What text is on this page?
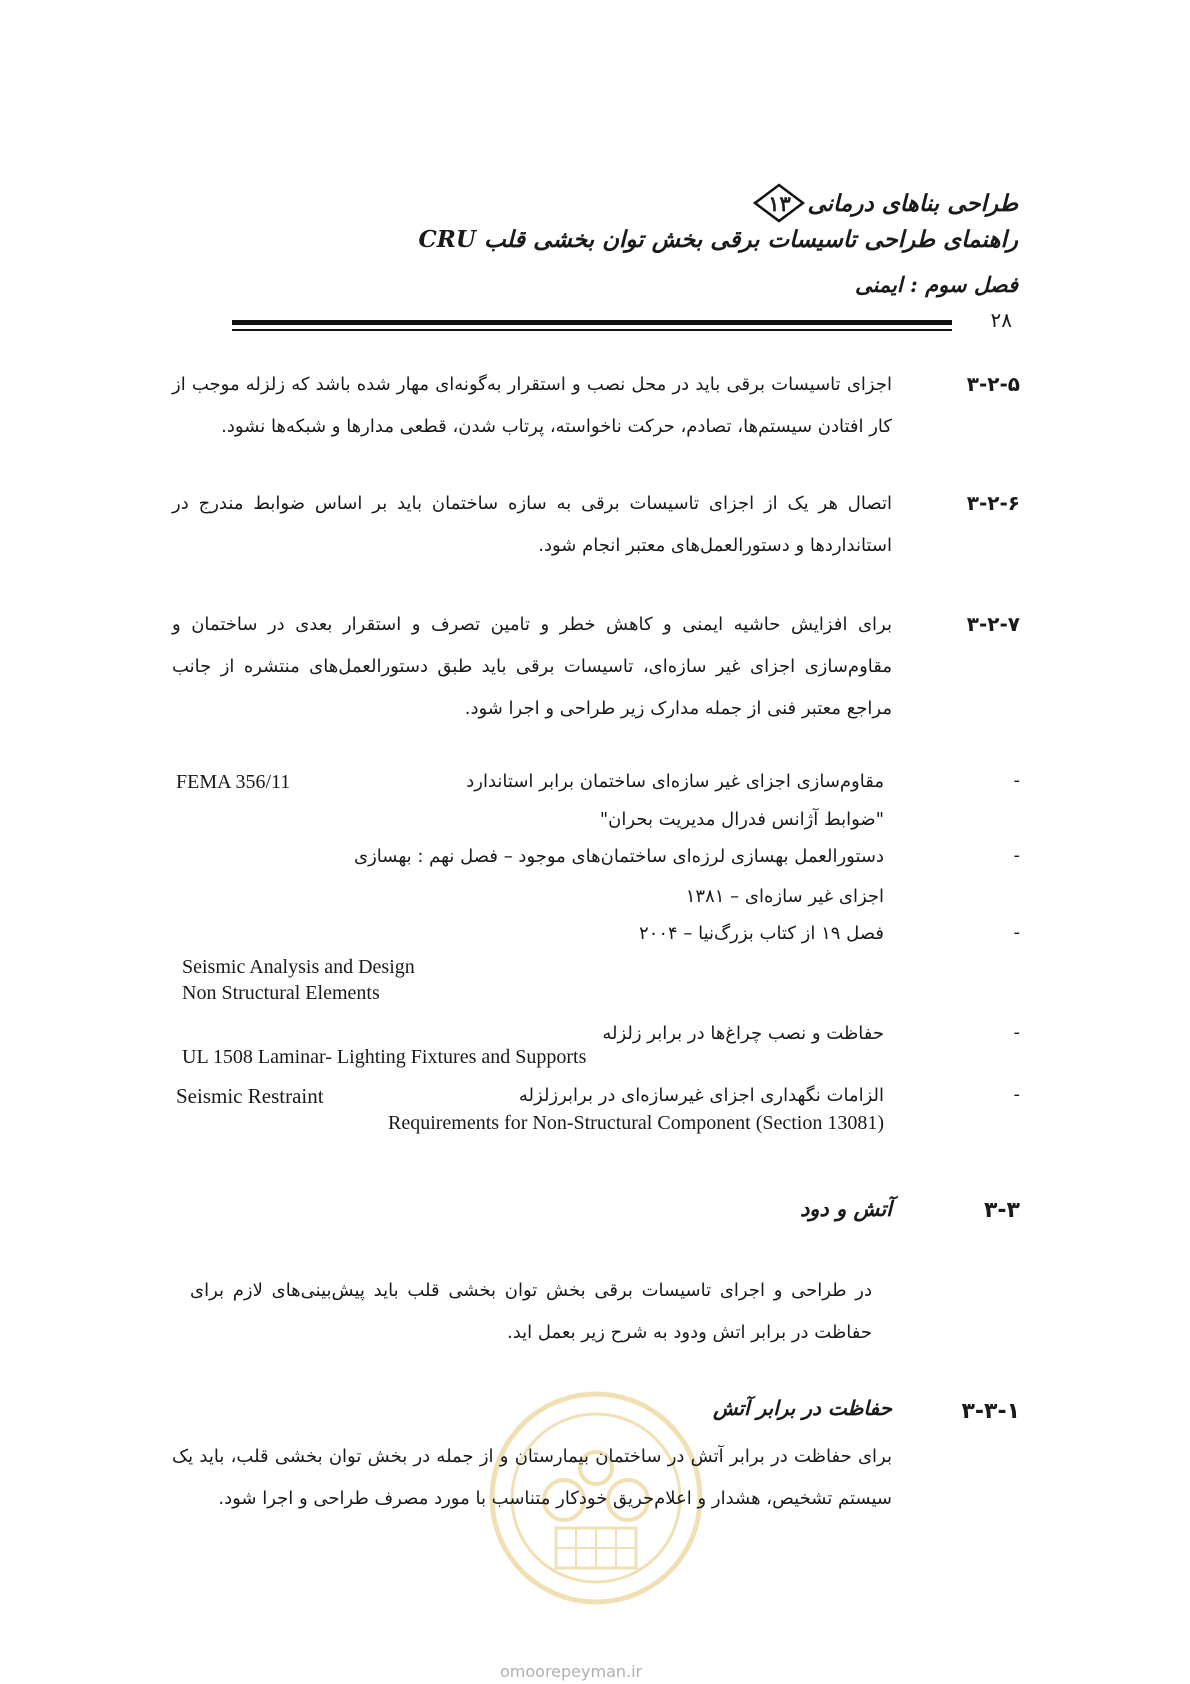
طراحی بناهای درمانی
۱۳
راهنمای طراحی تاسیسات برقی بخش توان بخشی قلب CRU
فصل سوم : ایمنی
۲۸
۳-۲-۵
اجزای تاسیسات برقی باید در محل نصب و استقرار به‌گونه‌ای مهار شده باشد که زلزله موجب از کار افتادن سیستم‌ها، تصادم، حرکت ناخواسته، پرتاب شدن، قطعی مدارها و شبکه‌ها نشود.
۳-۲-۶
اتصال هر یک از اجزای تاسیسات برقی به سازه ساختمان باید بر اساس ضوابط مندرج در استانداردها و دستورالعمل‌های معتبر انجام شود.
۳-۲-۷
برای افزایش حاشیه ایمنی و کاهش خطر و تامین تصرف و استقرار بعدی در ساختمان و مقاوم‌سازی اجزای غیر سازه‌ای، تاسیسات برقی باید طبق دستورالعمل‌های منتشره از جانب مراجع معتبر فنی از جمله مدارک زیر طراحی و اجرا شود.
-
مقاوم‌سازی اجزای غیر سازه‌ای ساختمان برابر استاندارد
FEMA 356/11
"ضوابط آژانس فدرال مدیریت بحران"
-
دستورالعمل بهسازی لرزه‌ای ساختمان‌های موجود – فصل نهم : بهسازی
اجزای غیر سازه‌ای – ۱۳۸۱
-
فصل ۱۹ از کتاب بزرگ‌نیا – ۲۰۰۴
Seismic Analysis and Design
Non Structural Elements
-
حفاظت و نصب چراغ‌ها در برابر زلزله
UL 1508 Laminar- Lighting Fixtures and Supports
-
الزامات نگهداری اجزای غیرسازه‌ای در برابرزلزله
Seismic Restraint
Requirements for Non-Structural Component (Section 13081)
۳-۳
آتش و دود
در طراحی و اجرای تاسیسات برقی بخش توان بخشی قلب باید پیش‌بینی‌های لازم برای حفاظت در برابر اتش ودود به شرح زیر بعمل اید.
۳-۳-۱
حفاظت در برابر آتش
برای حفاظت در برابر آتش در ساختمان بیمارستان و از جمله در بخش توان بخشی قلب، باید یک سیستم تشخیص، هشدار و اعلام‌حریق خودکار متناسب با مورد مصرف طراحی و اجرا شود.
omoorepeyman.ir
